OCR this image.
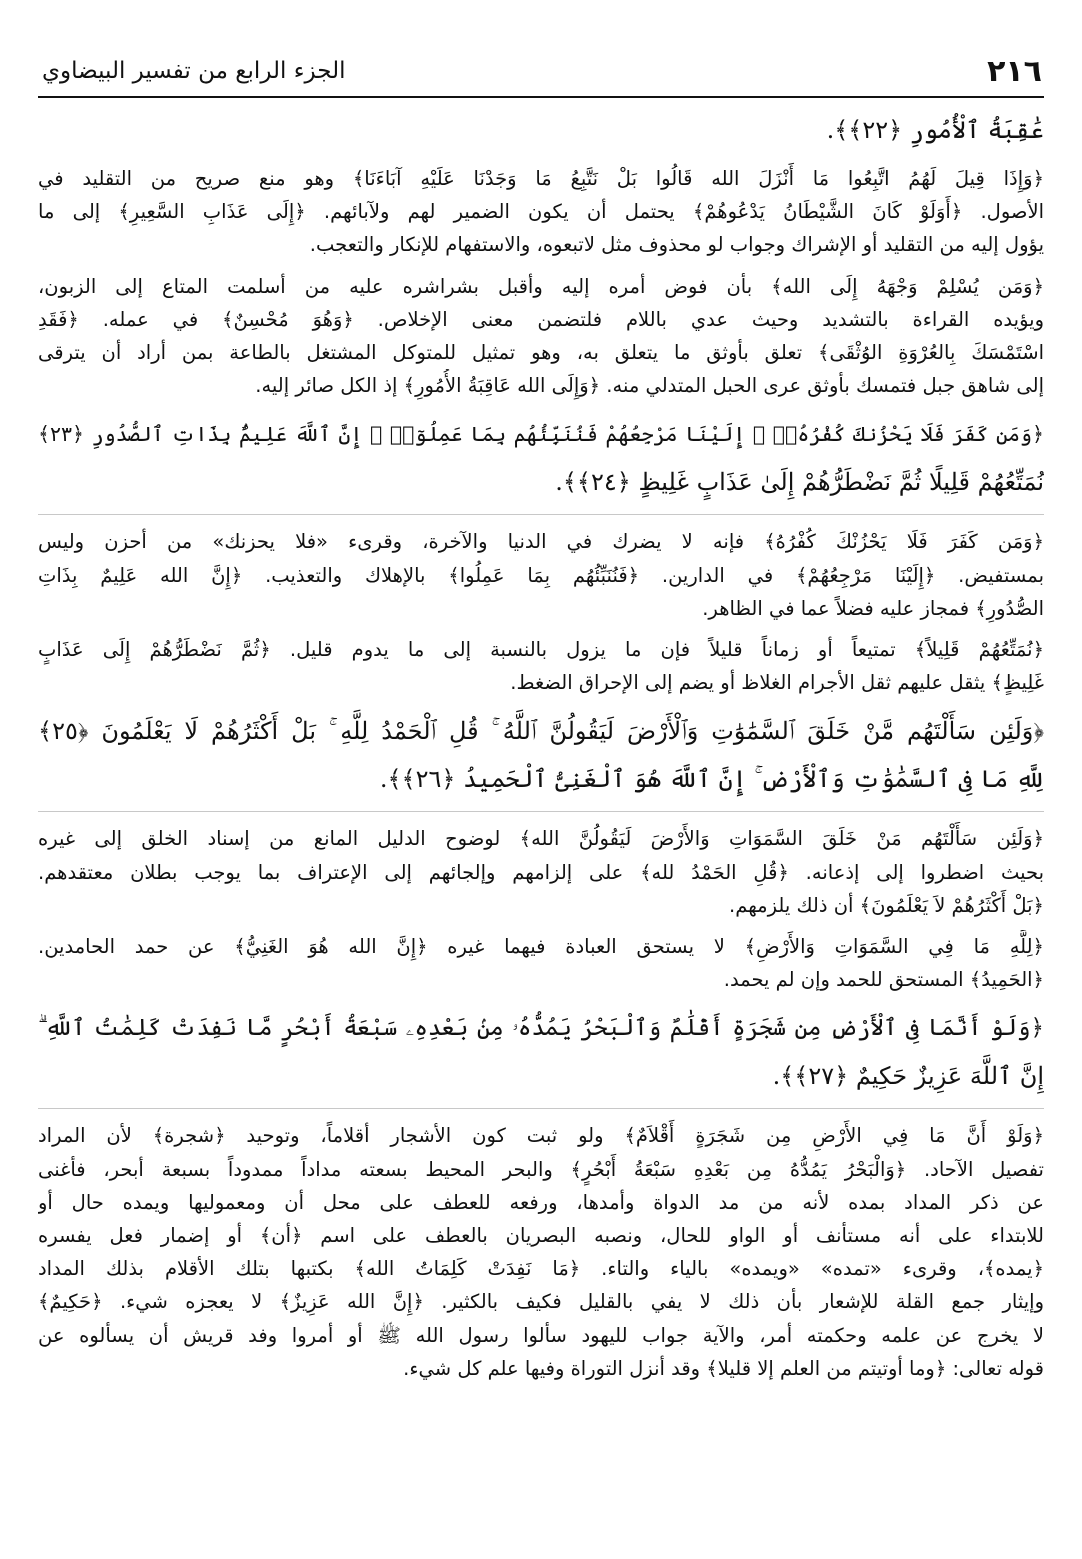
٢١٦
الجزء الرابع من تفسير البيضاوي
عَٰقِبَةُ ٱلْأُمُورِ ﴿٢٢﴾﴾.
﴿وَإِذَا قِيلَ لَهُمُ اتَّبِعُوا مَا أَنْزَلَ الله قَالُوا بَلْ نَتَّبِعُ مَا وَجَدْنَا عَلَيْهِ آبَاءَنَا﴾ وهو منع صريح من التقليد في
الأصول. ﴿أَوَلَوْ كَانَ الشَّيْطَانُ يَدْعُوهُمْ﴾ يحتمل أن يكون الضمير لهم ولآبائهم. ﴿إِلَى عَذَابِ السَّعِيرِ﴾ إلى ما
يؤول إليه من التقليد أو الإشراك وجواب لو محذوف مثل لاتبعوه، والاستفهام للإنكار والتعجب.
﴿وَمَن يُسْلِمْ وَجْهَهُ إِلَى الله﴾ بأن فوض أمره إليه وأقبل بشراشره عليه من أسلمت المتاع إلى الزبون،
ويؤيده القراءة بالتشديد وحيث عدي باللام فلتضمن معنى الإخلاص. ﴿وَهُوَ مُحْسِنٌ﴾ في عمله. ﴿فَقَدِ
اسْتَمْسَكَ بِالعُرْوَةِ الوُثْقَى﴾ تعلق بأوثق ما يتعلق به، وهو تمثيل للمتوكل المشتغل بالطاعة بمن أراد أن يترقى
إلى شاهق جبل فتمسك بأوثق عرى الحبل المتدلي منه. ﴿وَإِلَى الله عَاقِبَةُ الأُمُورِ﴾ إذ الكل صائر إليه.
﴿وَمَن كَفَرَ فَلَا يَحْزُنكَ كُفْرُهُۥٓ ۚ إِلَيْنَا مَرْجِعُهُمْ فَنُنَبِّئُهُم بِمَا عَمِلُوٓا۟ ۚ إِنَّ ٱللَّهَ عَلِيمٌۢ بِذَاتِ ٱلصُّدُورِ ﴿٢٣﴾
نُمَتِّعُهُمْ قَلِيلًا ثُمَّ نَضْطَرُّهُمْ إِلَىٰ عَذَابٍ غَلِيظٍ ﴿٢٤﴾﴾.
﴿وَمَن كَفَرَ فَلَا يَحْزُنْكَ كُفْرُهُ﴾ فإنه لا يضرك في الدنيا والآخرة، وقرىء «فلا يحزنك» من أحزن وليس
بمستفيض. ﴿إِلَيْنَا مَرْجِعُهُمْ﴾ في الدارين. ﴿فَنُنَبِّئُهُم بِمَا عَمِلُوا﴾ بالإهلاك والتعذيب. ﴿إِنَّ الله عَلِيمٌ بِذَاتِ
الصُّدُورِ﴾ فمجاز عليه فضلاً عما في الظاهر.
﴿نُمَتِّعُهُمْ قَلِيلاً﴾ تمتيعاً أو زماناً قليلاً فإن ما يزول بالنسبة إلى ما يدوم قليل. ﴿ثُمَّ نَضْطَرُّهُمْ إِلَى عَذَابٍ
غَلِيظٍ﴾ يثقل عليهم ثقل الأجرام الغلاظ أو يضم إلى الإحراق الضغط.
﴿وَلَئِن سَأَلْتَهُم مَّنْ خَلَقَ ٱلسَّمَٰوَٰتِ وَٱلْأَرْضَ لَيَقُولُنَّ ٱللَّهُ ۚ قُلِ ٱلْحَمْدُ لِلَّهِ ۚ بَلْ أَكْثَرُهُمْ لَا يَعْلَمُونَ ﴿٢٥﴾
لِلَّهِ مَا فِى ٱلسَّمَٰوَٰتِ وَٱلْأَرْضِ ۚ إِنَّ ٱللَّهَ هُوَ ٱلْغَنِىُّ ٱلْحَمِيدُ ﴿٢٦﴾﴾.
﴿وَلَئِن سَأَلْتَهُم مَنْ خَلَقَ السَّمَوَاتِ وَالأَرْضَ لَيَقُولُنَّ الله﴾ لوضوح الدليل المانع من إسناد الخلق إلى غيره
بحيث اضطروا إلى إذعانه. ﴿قُلِ الحَمْدُ لله﴾ على إلزامهم وإلجائهم إلى الإعتراف بما يوجب بطلان معتقدهم.
﴿بَلْ أَكْثَرُهُمْ لاَ يَعْلَمُونَ﴾ أن ذلك يلزمهم.
﴿لِلَّهِ مَا فِي السَّمَوَاتِ وَالأَرْضِ﴾ لا يستحق العبادة فيهما غيره ﴿إِنَّ الله هُوَ الغَنِيُّ﴾ عن حمد الحامدين.
﴿الحَمِيدُ﴾ المستحق للحمد وإن لم يحمد.
﴿وَلَوْ أَنَّمَا فِى ٱلْأَرْضِ مِن شَجَرَةٍ أَقْلَٰمٌ وَٱلْبَحْرُ يَمُدُّهُۥ مِنۢ بَعْدِهِۦ سَبْعَةُ أَبْحُرٍ مَّا نَفِدَتْ كَلِمَٰتُ ٱللَّهِ ۗ
إِنَّ ٱللَّهَ عَزِيزٌ حَكِيمٌ ﴿٢٧﴾﴾.
﴿وَلَوْ أَنَّ مَا فِي الأَرْضِ مِن شَجَرَةٍ أَقْلاَمٌ﴾ ولو ثبت كون الأشجار أقلاماً، وتوحيد ﴿شجرة﴾ لأن المراد
تفصيل الآحاد. ﴿وَالْبَحْرُ يَمُدُّهُ مِن بَعْدِهِ سَبْعَةُ أَبْحُرٍ﴾ والبحر المحيط بسعته مداداً ممدوداً بسبعة أبحر، فأغنى
عن ذكر المداد بمده لأنه من مد الدواة وأمدها، ورفعه للعطف على محل أن ومعموليها ويمده حال أو
للابتداء على أنه مستأنف أو الواو للحال، ونصبه البصريان بالعطف على اسم ﴿أن﴾ أو إضمار فعل يفسره
﴿يمده﴾، وقرىء «تمده» «ويمده» بالياء والتاء. ﴿مَا نَفِدَتْ كَلِمَاتُ الله﴾ بكتبها بتلك الأقلام بذلك المداد
وإيثار جمع القلة للإشعار بأن ذلك لا يفي بالقليل فكيف بالكثير. ﴿إِنَّ الله عَزِيزٌ﴾ لا يعجزه شيء. ﴿حَكِيمٌ﴾
لا يخرج عن علمه وحكمته أمر، والآية جواب لليهود سألوا رسول الله ﷺ أو أمروا وفد قريش أن يسألوه عن
قوله تعالى: ﴿وما أوتيتم من العلم إلا قليلا﴾ وقد أنزل التوراة وفيها علم كل شيء.
